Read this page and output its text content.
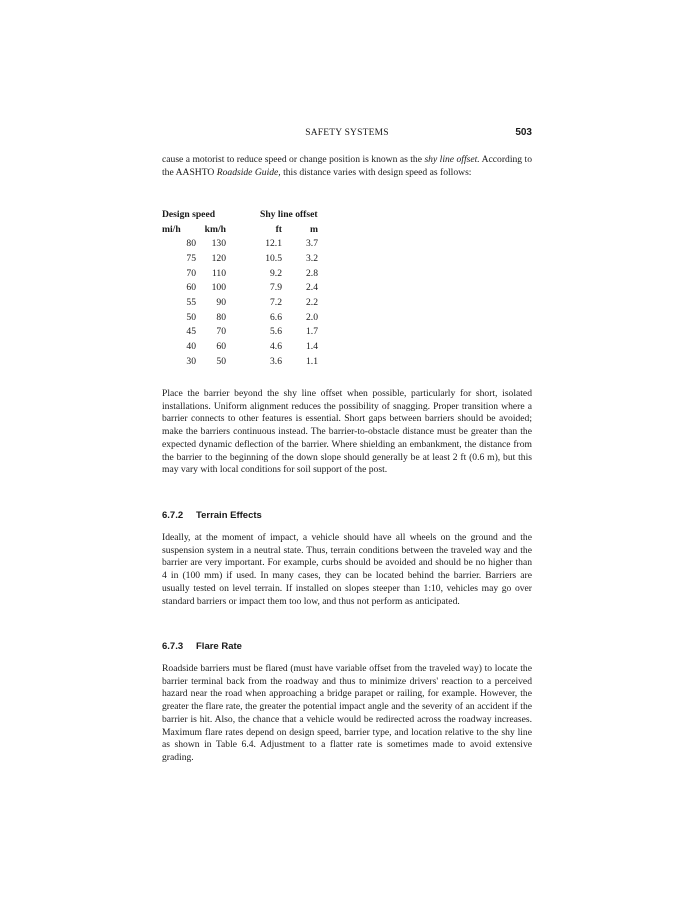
SAFETY SYSTEMS	503

cause a motorist to reduce speed or change position is known as the shy line offset. According to the AASHTO Roadside Guide, this distance varies with design speed as follows:

Design speed			Shy line offset	
mi/h	km/h		ft	m
80	130		12.1	3.7
75	120		10.5	3.2
70	110		9.2	2.8
60	100		7.9	2.4
55	90		7.2	2.2
50	80		6.6	2.0
45	70		5.6	1.7
40	60		4.6	1.4
30	50		3.6	1.1

Place the barrier beyond the shy line offset when possible, particularly for short, isolated installations. Uniform alignment reduces the possibility of snagging. Proper transition where a barrier connects to other features is essential. Short gaps between barriers should be avoided; make the barriers continuous instead. The barrier-to-obstacle distance must be greater than the expected dynamic deflection of the barrier. Where shielding an embankment, the distance from the barrier to the beginning of the down slope should generally be at least 2 ft (0.6 m), but this may vary with local conditions for soil support of the post.

6.7.2 Terrain Effects

Ideally, at the moment of impact, a vehicle should have all wheels on the ground and the suspension system in a neutral state. Thus, terrain conditions between the traveled way and the barrier are very important. For example, curbs should be avoided and should be no higher than 4 in (100 mm) if used. In many cases, they can be located behind the barrier. Barriers are usually tested on level terrain. If installed on slopes steeper than 1:10, vehicles may go over standard barriers or impact them too low, and thus not perform as anticipated.

6.7.3 Flare Rate

Roadside barriers must be flared (must have variable offset from the traveled way) to locate the barrier terminal back from the roadway and thus to minimize drivers' reaction to a perceived hazard near the road when approaching a bridge parapet or railing, for example. However, the greater the flare rate, the greater the potential impact angle and the severity of an accident if the barrier is hit. Also, the chance that a vehicle would be redirected across the roadway increases. Maximum flare rates depend on design speed, barrier type, and location relative to the shy line as shown in Table 6.4. Adjustment to a flatter rate is sometimes made to avoid extensive grading.
